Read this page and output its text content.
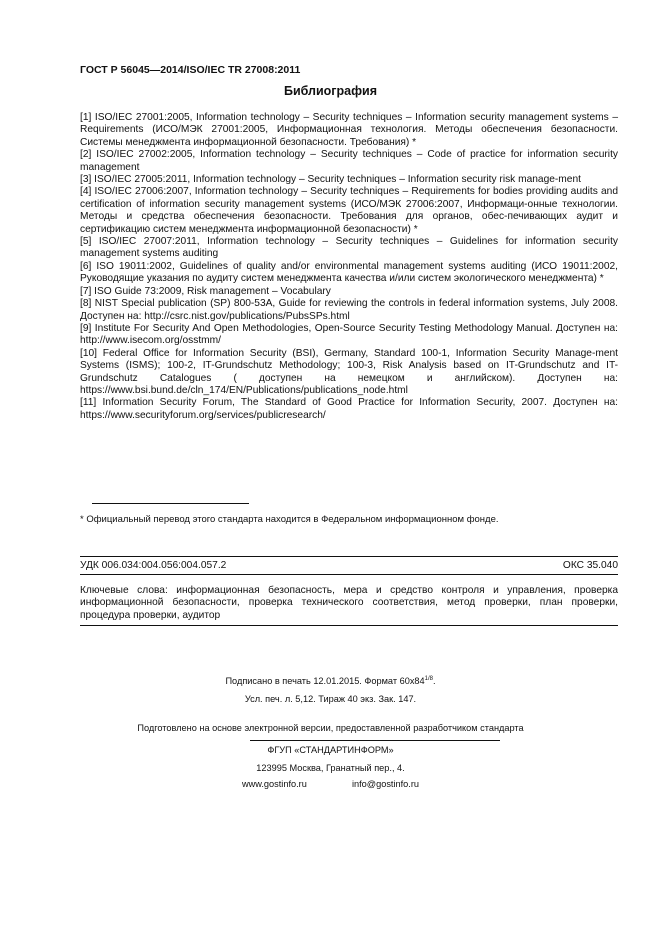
ГОСТ Р 56045—2014/ISO/IEC TR 27008:2011
Библиография

[1] ISO/IEC 27001:2005, Information technology – Security techniques – Information security management systems – Requirements (ИСО/МЭК 27001:2005, Информационная технология. Методы обеспечения безопасности. Системы менеджмента информационной безопасности. Требования) *

[2] ISO/IEC 27002:2005, Information technology – Security techniques – Code of practice for information security management

[3] ISO/IEC 27005:2011, Information technology – Security techniques – Information security risk manage-ment

[4] ISO/IEC 27006:2007, Information technology – Security techniques – Requirements for bodies providing audits and certification of information security management systems (ИСО/МЭК 27006:2007, Информаци-онные технологии. Методы и средства обеспечения безопасности. Требования для органов, обес-печивающих аудит и сертификацию систем менеджмента информационной безопасности) *

[5] ISO/IEC 27007:2011, Information technology – Security techniques – Guidelines for information security management systems auditing

[6] ISO 19011:2002, Guidelines of quality and/or environmental management systems auditing (ИСО 19011:2002, Руководящие указания по аудиту систем менеджмента качества и/или систем экологического менеджмента) *

[7] ISO Guide 73:2009, Risk management – Vocabulary

[8] NIST Special publication (SP) 800-53A, Guide for reviewing the controls in federal information systems, July 2008. Доступен на: http://csrc.nist.gov/publications/PubsSPs.html

[9] Institute For Security And Open Methodologies, Open-Source Security Testing Methodology Manual. Доступен на: http://www.isecom.org/osstmm/

[10] Federal Office for Information Security (BSI), Germany, Standard 100-1, Information Security Manage-ment Systems (ISMS); 100-2, IT-Grundschutz Methodology; 100-3, Risk Analysis based on IT-Grundschutz and IT-Grundschutz Catalogues ( доступен на немецком и английском). Доступен на: https://www.bsi.bund.de/cln_174/EN/Publications/publications_node.html

[11] Information Security Forum, The Standard of Good Practice for Information Security, 2007. Доступен на: https://www.securityforum.org/services/publicresearch/

* Официальный перевод этого стандарта находится в Федеральном информационном фонде.
УДК 006.034:004.056:004.057.2	ОКС 35.040
Ключевые слова: информационная безопасность, мера и средство контроля и управления, проверка информационной безопасности, проверка технического соответствия, метод проверки, план проверки, процедура проверки, аудитор
Подписано в печать 12.01.2015. Формат $60x84^{1/8}$.
Усл. печ. л. 5,12. Тираж 40 экз. Зак. 147.
Подготовлено на основе электронной версии, предоставленной разработчиком стандарта
ФГУП «СТАНДАРТИНФОРМ»
123995 Москва, Гранатный пер., 4.
www.gostinfo.ru	info@gostinfo.ru
